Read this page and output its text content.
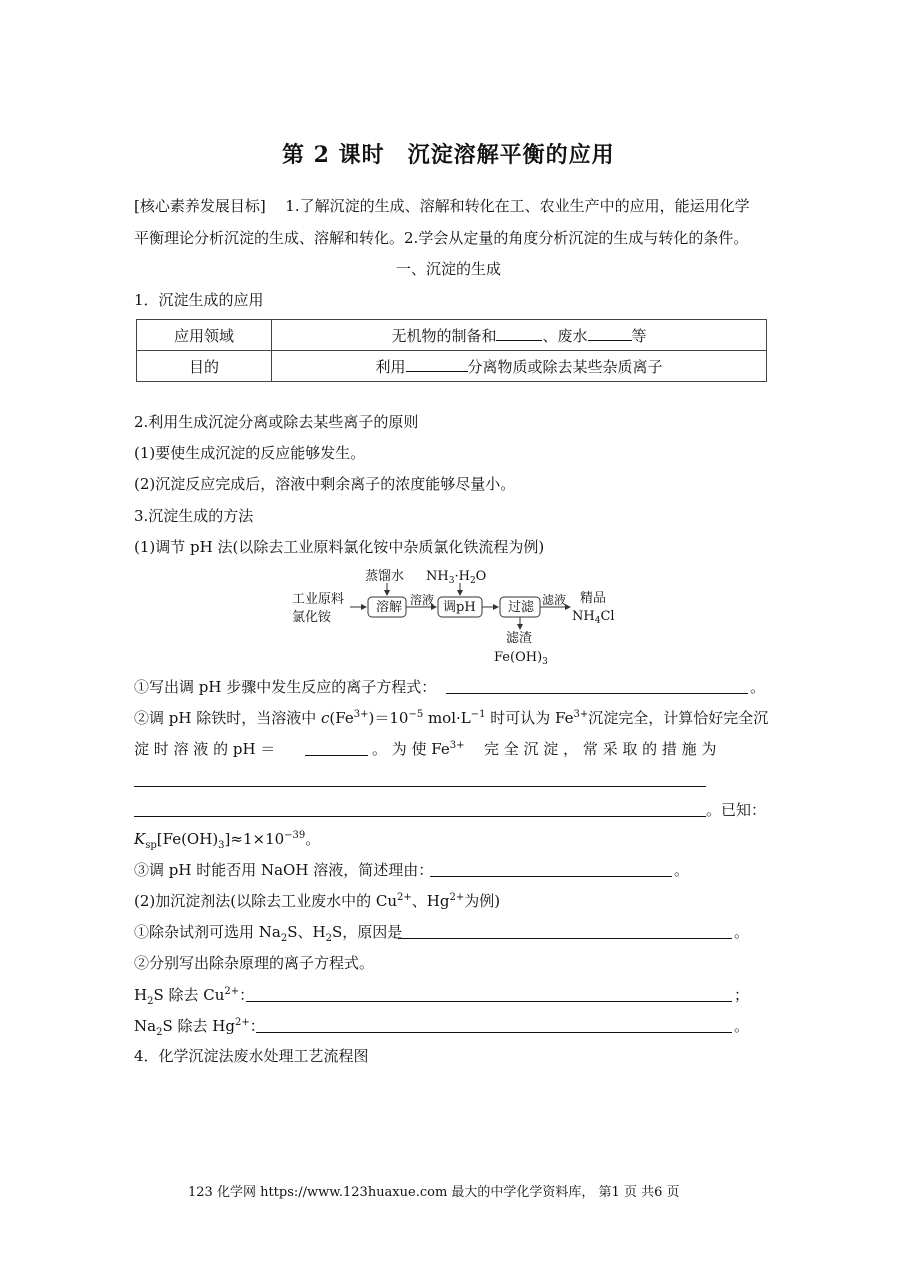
第 2 课时　沉淀溶解平衡的应用
[核心素养发展目标] 1.了解沉淀的生成、溶解和转化在工、农业生产中的应用，能运用化学
平衡理论分析沉淀的生成、溶解和转化。2.学会从定量的角度分析沉淀的生成与转化的条件。
一、沉淀的生成
1．沉淀生成的应用
应用领域	无机物的制备和 、废水 等
目的	利用 分离物质或除去某些杂质离子
2.利用生成沉淀分离或除去某些离子的原则
(1)要使生成沉淀的反应能够发生。
(2)沉淀反应完成后，溶液中剩余离子的浓度能够尽量小。
3.沉淀生成的方法
(1)调节 pH 法(以除去工业原料氯化铵中杂质氯化铁流程为例)
工业原料
氯化铵
蒸馏水 $NH_3\cdot H_2O$
溶解 溶液 调pH 过滤 滤液 精品
$NH_4Cl$
滤渣
$Fe(OH)_3$
①写出调 pH 步骤中发生反应的离子方程式：	。
②调 pH 除铁时，当溶液中 $c(Fe^{3+})=10^{-5}$ $mol\cdot L^{-1}$ 时可认为 $Fe^{3+}$沉淀完全，计算恰好完全沉
淀 时 溶 液 的 pH ＝	。 为 使 $Fe^{3+}$ 完 全 沉 淀 ， 常 采 取 的 措 施 为
。已知：
$K_{sp}[Fe(OH)_3]\approx 1\times 10^{-39}$。
③调 pH 时能否用 NaOH 溶液，简述理由：	。
(2)加沉淀剂法(以除去工业废水中的 $Cu^{2+}$、$Hg^{2+}$为例)
①除杂试剂可选用 $Na_2S$、$H_2S$，原因是	。
②分别写出除杂原理的离子方程式。
$H_2S$ 除去 $Cu^{2+}$：	；
$Na_2S$ 除去 $Hg^{2+}$：	。
4．化学沉淀法废水处理工艺流程图
123 化学网 https://www.123huaxue.com 最大的中学化学资料库， 第1 页 共6 页
